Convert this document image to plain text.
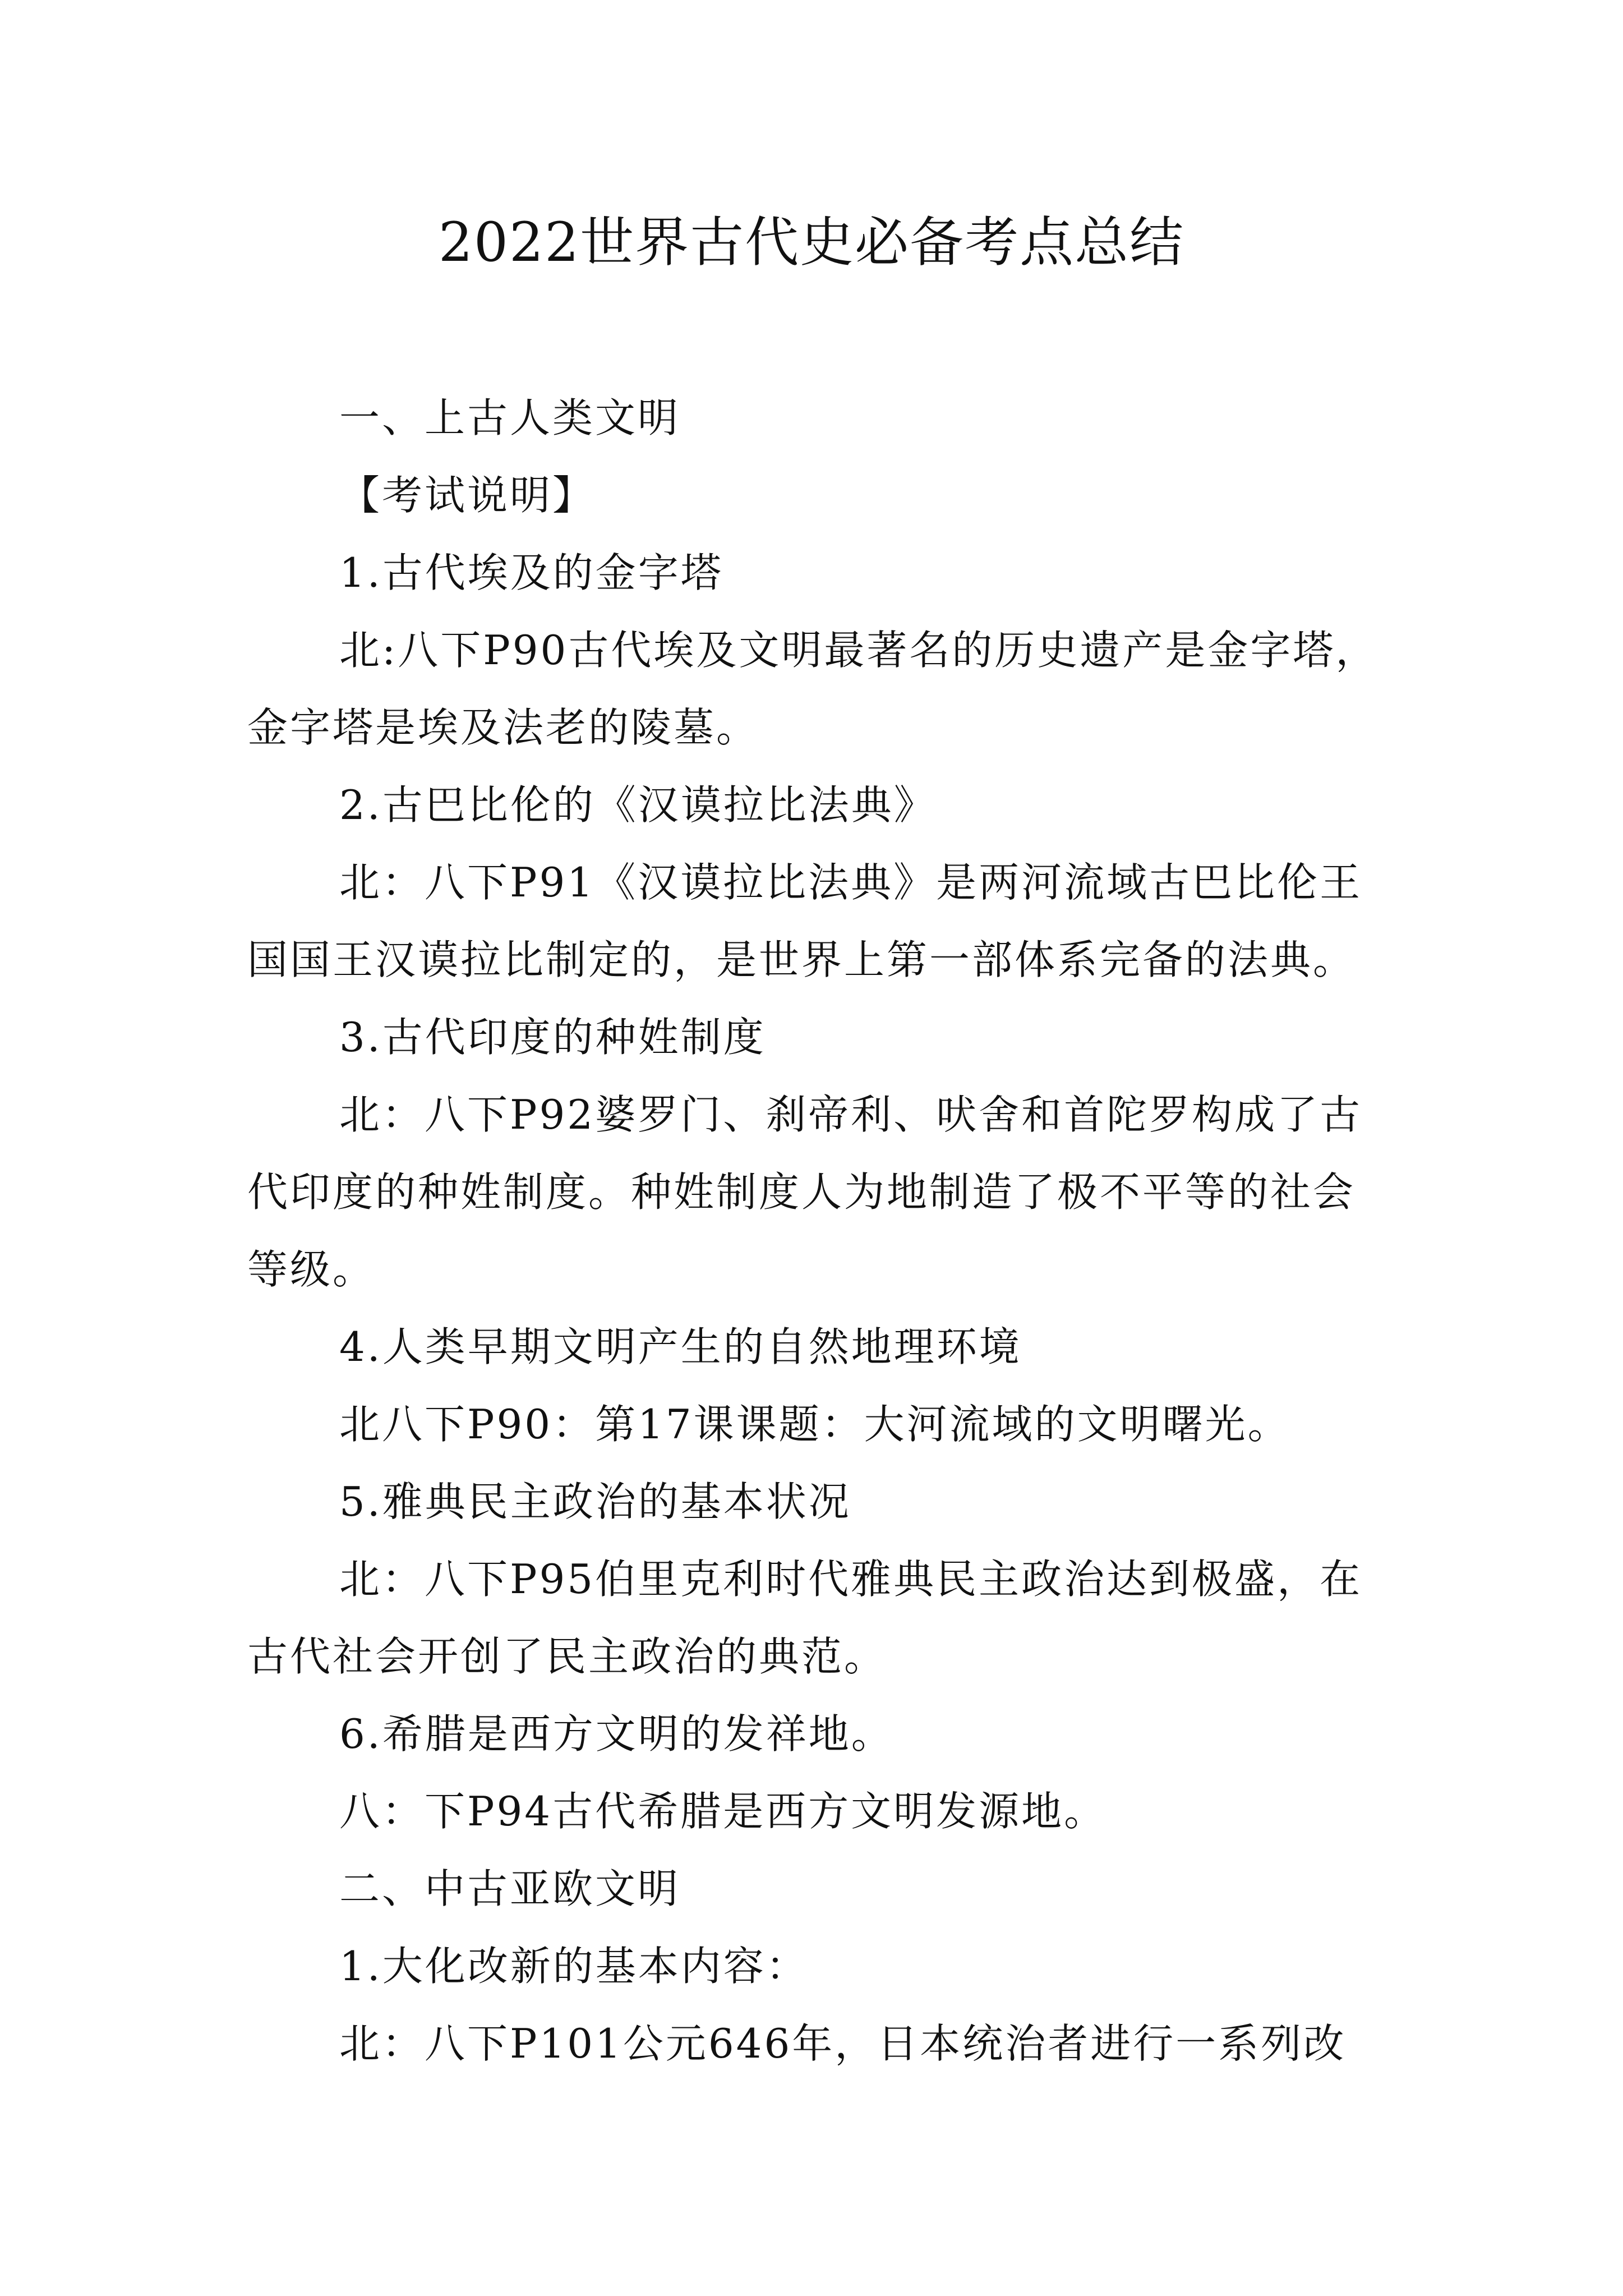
2022世界古代史必备考点总结
一、上古人类文明
【考试说明】
1.古代埃及的金字塔
北:八下P90古代埃及文明最著名的历史遗产是金字塔，
金字塔是埃及法老的陵墓。
2.古巴比伦的《汉谟拉比法典》
北：八下P91《汉谟拉比法典》是两河流域古巴比伦王
国国王汉谟拉比制定的，是世界上第一部体系完备的法典。
3.古代印度的种姓制度
北：八下P92婆罗门、刹帝利、吠舍和首陀罗构成了古
代印度的种姓制度。种姓制度人为地制造了极不平等的社会
等级。
4.人类早期文明产生的自然地理环境
北八下P90：第17课课题：大河流域的文明曙光。
5.雅典民主政治的基本状况
北：八下P95伯里克利时代雅典民主政治达到极盛，在
古代社会开创了民主政治的典范。
6.希腊是西方文明的发祥地。
八：下P94古代希腊是西方文明发源地。
二、中古亚欧文明
1.大化改新的基本内容：
北：八下P101公元646年，日本统治者进行一系列改
